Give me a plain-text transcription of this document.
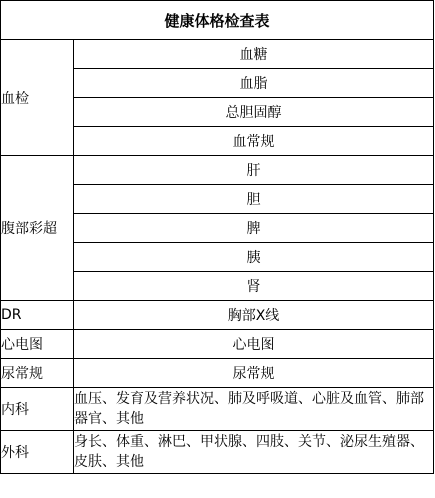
健康体格检查表	
血检	血糖
	血脂
	总胆固醇
	血常规
腹部彩超	肝
	胆
	脾
	胰
	肾
DR	胸部X线
心电图	心电图
尿常规	尿常规
内科	血压、发育及营养状况、肺及呼吸道、心脏及血管、肺部器官、其他
外科	身长、体重、淋巴、甲状腺、四肢、关节、泌尿生殖器、皮肤、其他
